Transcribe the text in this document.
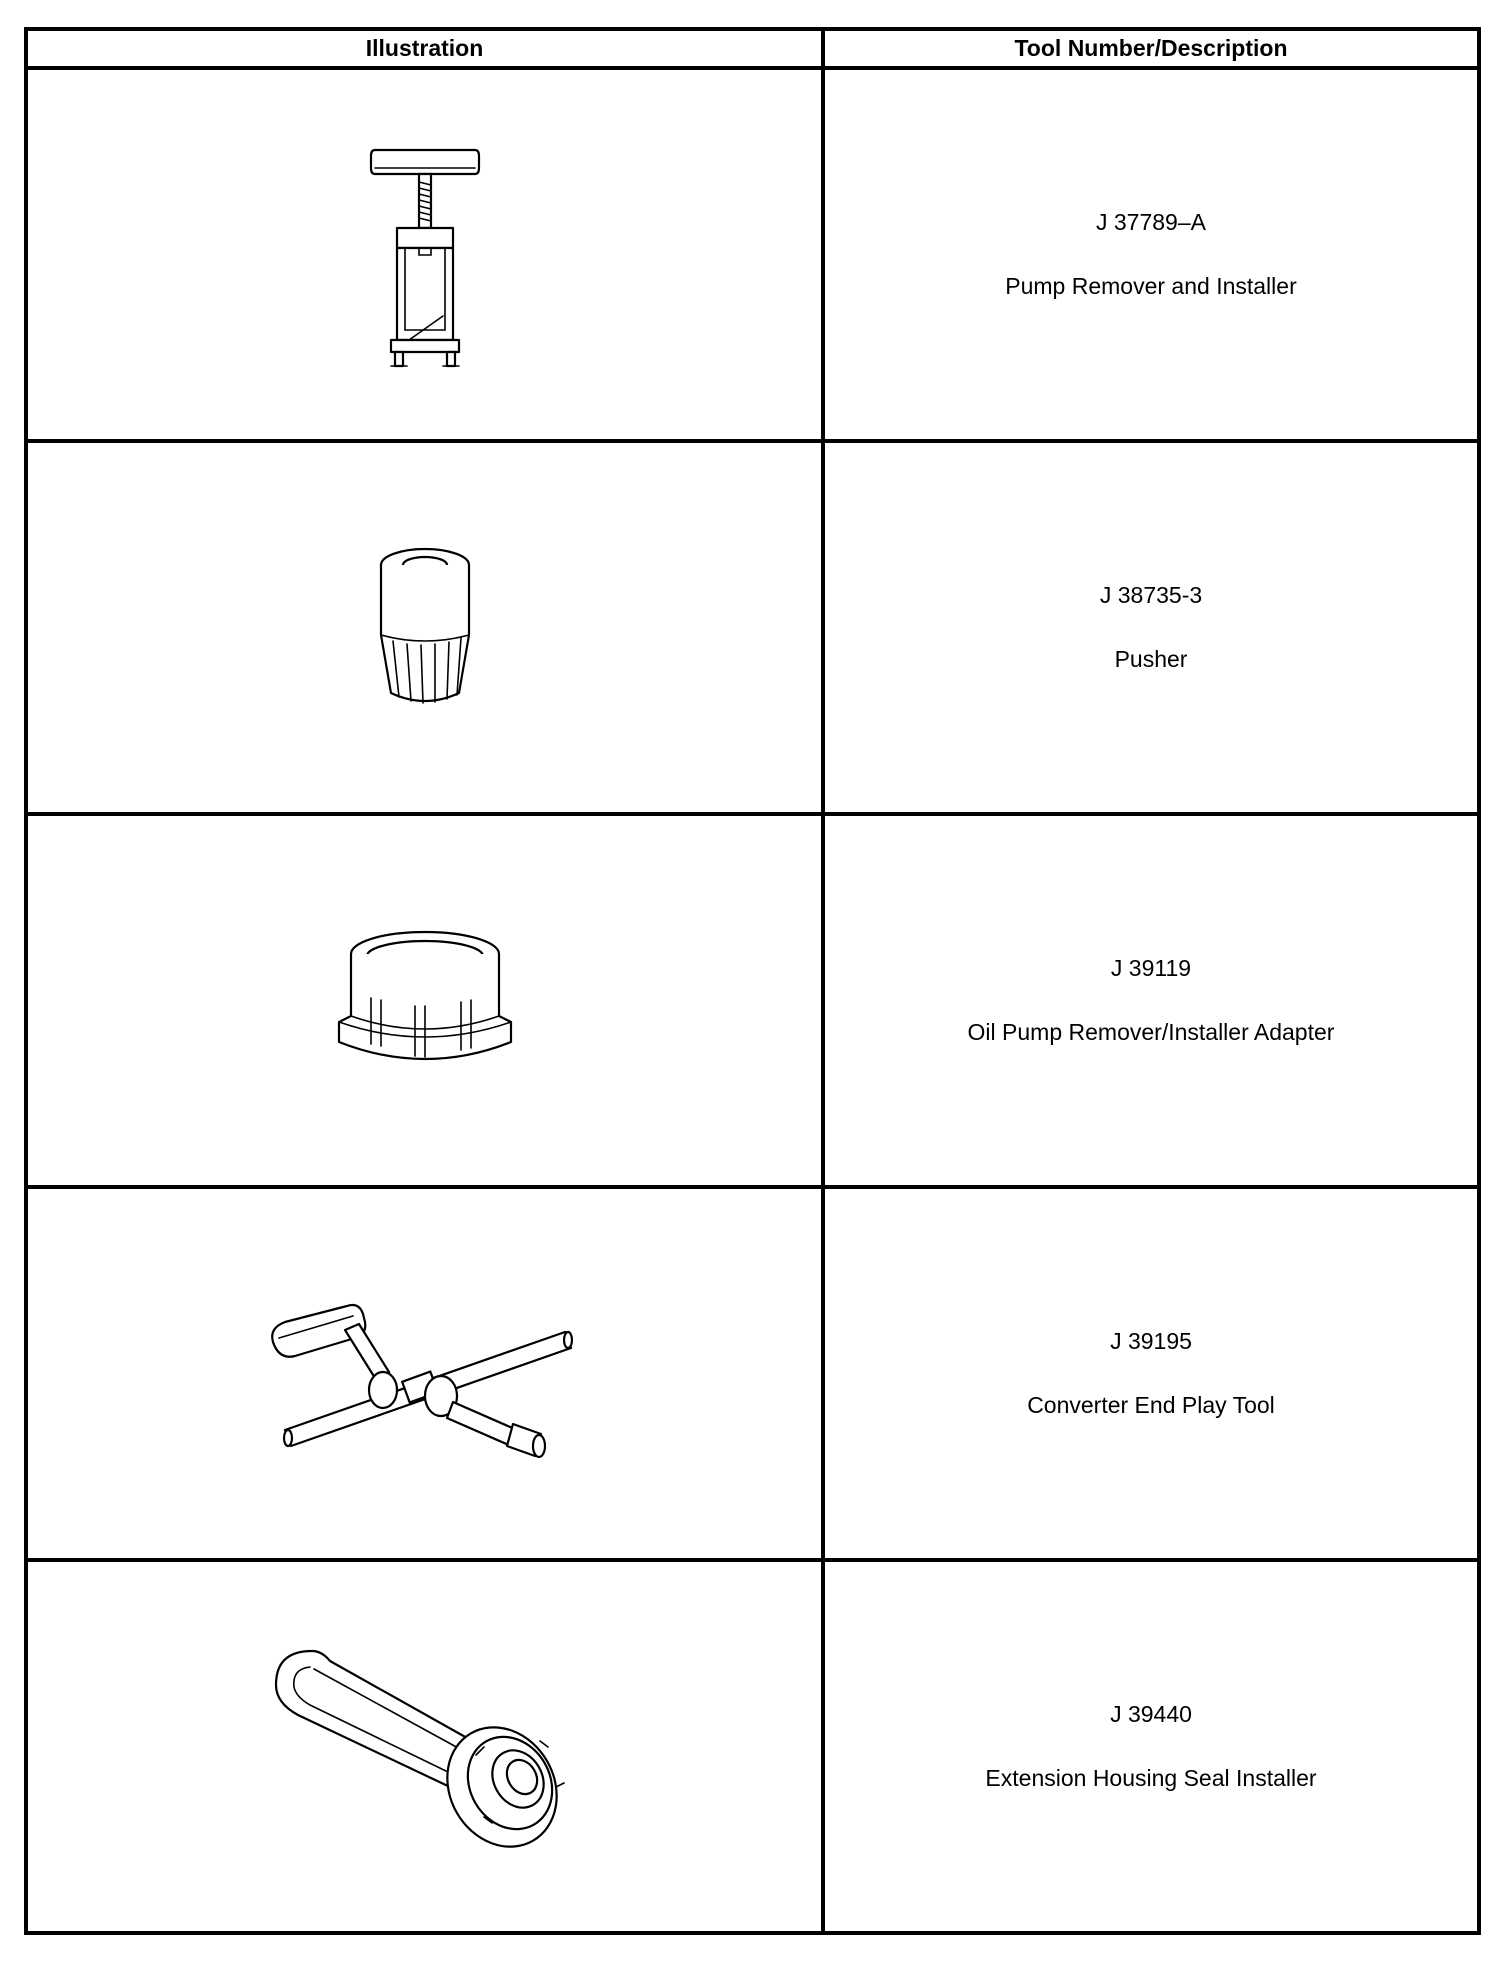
Illustration	Tool Number/Description

J 37789–A
Pump Remover and Installer

J 38735-3
Pusher

J 39119
Oil Pump Remover/Installer Adapter

J 39195
Converter End Play Tool

J 39440
Extension Housing Seal Installer
